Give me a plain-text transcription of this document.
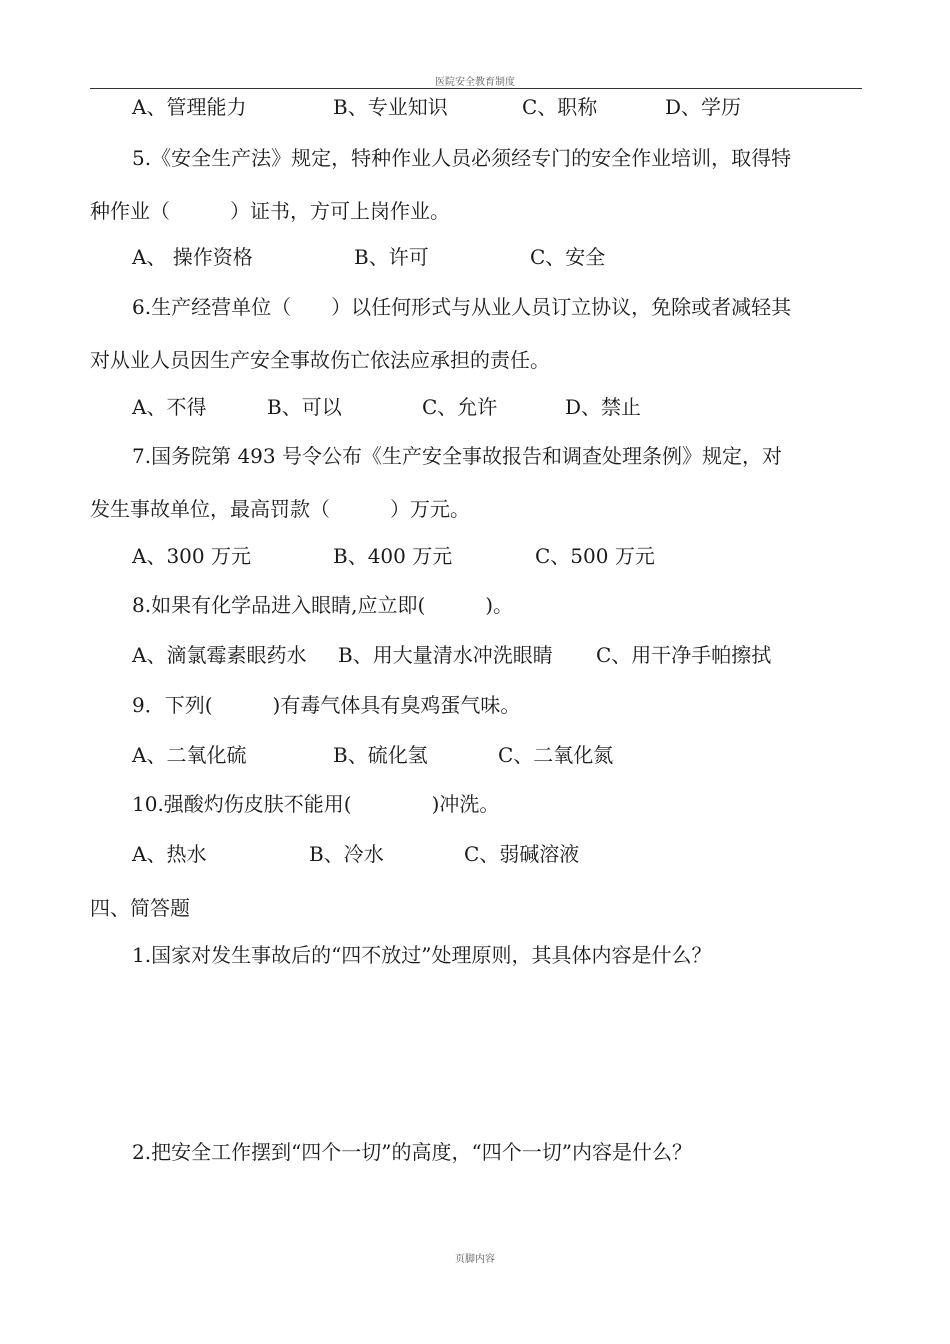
医院安全教育制度
A、管理能力	B、专业知识	C、职称	D、学历
5.《安全生产法》规定，特种作业人员必须经专门的安全作业培训，取得特
种作业（　　　）证书，方可上岗作业。
A、 操作资格	B、许可	C、安全
6.生产经营单位（　　）以任何形式与从业人员订立协议，免除或者减轻其
对从业人员因生产安全事故伤亡依法应承担的责任。
A、不得	B、可以	C、允许	D、禁止
7.国务院第 493 号令公布《生产安全事故报告和调查处理条例》规定，对
发生事故单位，最高罚款（　　　）万元。
A、300 万元	B、400 万元	C、500 万元
8.如果有化学品进入眼睛,应立即(　　　)。
A、滴氯霉素眼药水 B、用大量清水冲洗眼睛 C、用干净手帕擦拭
9．下列(　　　)有毒气体具有臭鸡蛋气味。
A、二氧化硫	B、硫化氢	C、二氧化氮
10.强酸灼伤皮肤不能用(　　　　)冲洗。
A、热水	B、冷水	C、弱碱溶液
四、简答题
1.国家对发生事故后的“四不放过”处理原则，其具体内容是什么？
2.把安全工作摆到“四个一切”的高度，“四个一切”内容是什么？
页脚内容
